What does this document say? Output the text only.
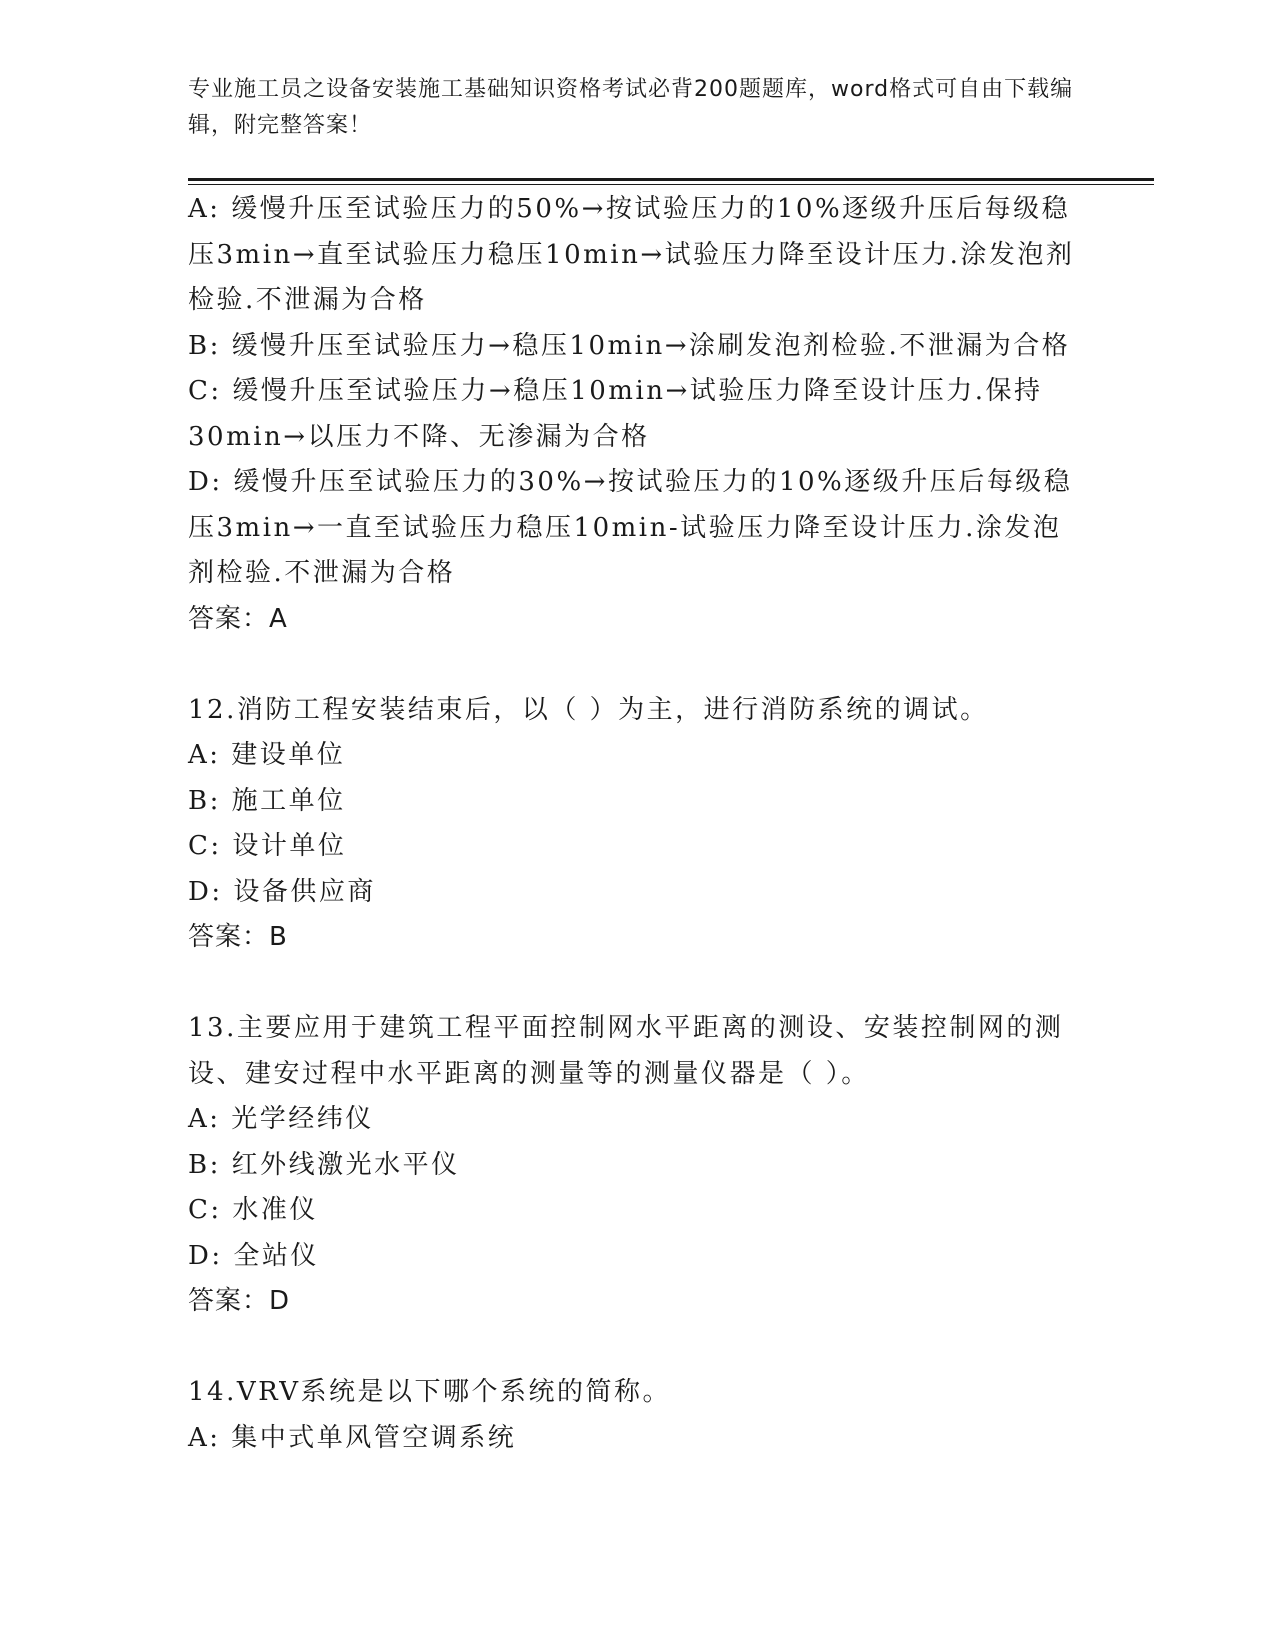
专业施工员之设备安装施工基础知识资格考试必背200题题库，word格式可自由下载编辑，附完整答案！

A: 缓慢升压至试验压力的50%→按试验压力的10%逐级升压后每级稳压3min→直至试验压力稳压10min→试验压力降至设计压力.涂发泡剂检验.不泄漏为合格

B: 缓慢升压至试验压力→稳压10min→涂刷发泡剂检验.不泄漏为合格

C: 缓慢升压至试验压力→稳压10min→试验压力降至设计压力.保持30min→以压力不降、无渗漏为合格

D: 缓慢升压至试验压力的30%→按试验压力的10%逐级升压后每级稳压3min→一直至试验压力稳压10min-试验压力降至设计压力.涂发泡剂检验.不泄漏为合格

答案：A

12.消防工程安装结束后，以（ ）为主，进行消防系统的调试。

A: 建设单位

B: 施工单位

C: 设计单位

D: 设备供应商

答案：B

13.主要应用于建筑工程平面控制网水平距离的测设、安装控制网的测设、建安过程中水平距离的测量等的测量仪器是（ ）。

A: 光学经纬仪

B: 红外线激光水平仪

C: 水准仪

D: 全站仪

答案：D

14.VRV系统是以下哪个系统的简称。

A: 集中式单风管空调系统
